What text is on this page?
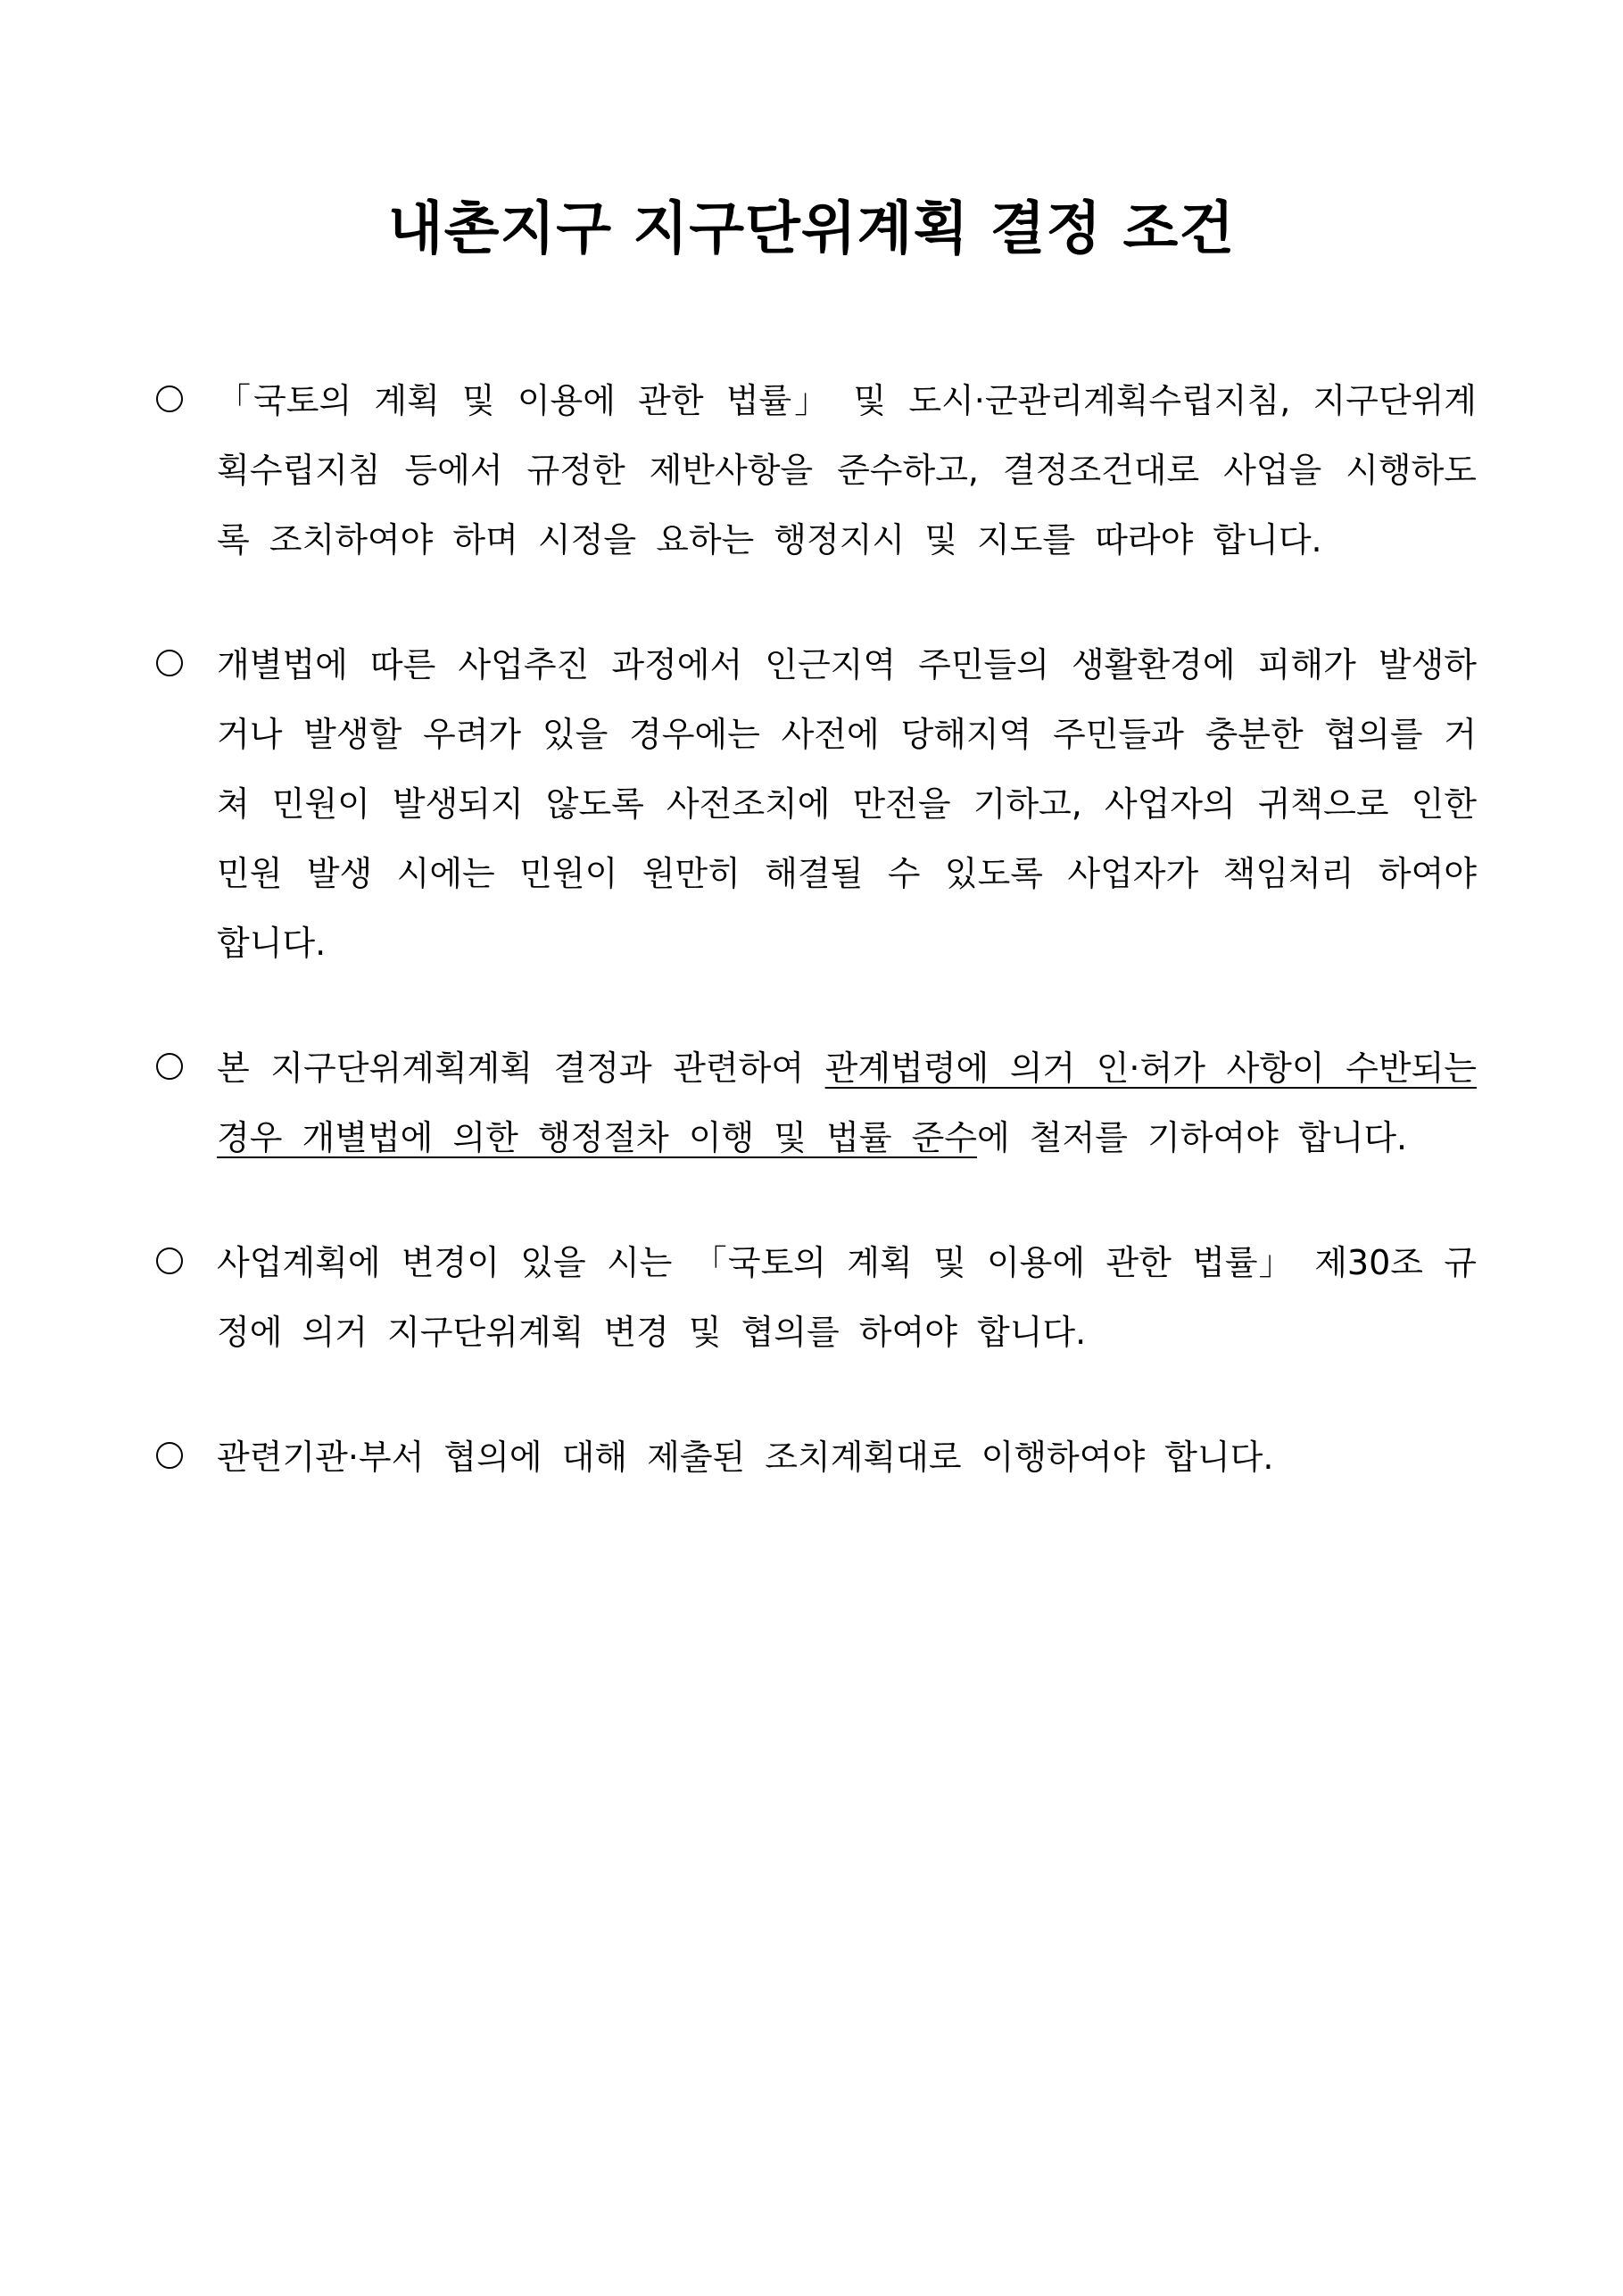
내촌지구 지구단위계획 결정 조건
「국토의 계획 및 이용에 관한 법률」 및 도시·군관리계획수립지침, 지구단위계획수립지침 등에서 규정한 제반사항을 준수하고, 결정조건대로 사업을 시행하도록 조치하여야 하며 시정을 요하는 행정지시 및 지도를 따라야 합니다.
개별법에 따른 사업추진 과정에서 인근지역 주민들의 생활환경에 피해가 발생하거나 발생할 우려가 있을 경우에는 사전에 당해지역 주민들과 충분한 협의를 거쳐 민원이 발생되지 않도록 사전조치에 만전을 기하고, 사업자의 귀책으로 인한 민원 발생 시에는 민원이 원만히 해결될 수 있도록 사업자가 책임처리 하여야 합니다.
본 지구단위계획계획 결정과 관련하여 관계법령에 의거 인·허가 사항이 수반되는 경우 개별법에 의한 행정절차 이행 및 법률 준수에 철저를 기하여야 합니다.
사업계획에 변경이 있을 시는 「국토의 계획 및 이용에 관한 법률」 제30조 규정에 의거 지구단위계획 변경 및 협의를 하여야 합니다.
관련기관·부서 협의에 대해 제출된 조치계획대로 이행하여야 합니다.
